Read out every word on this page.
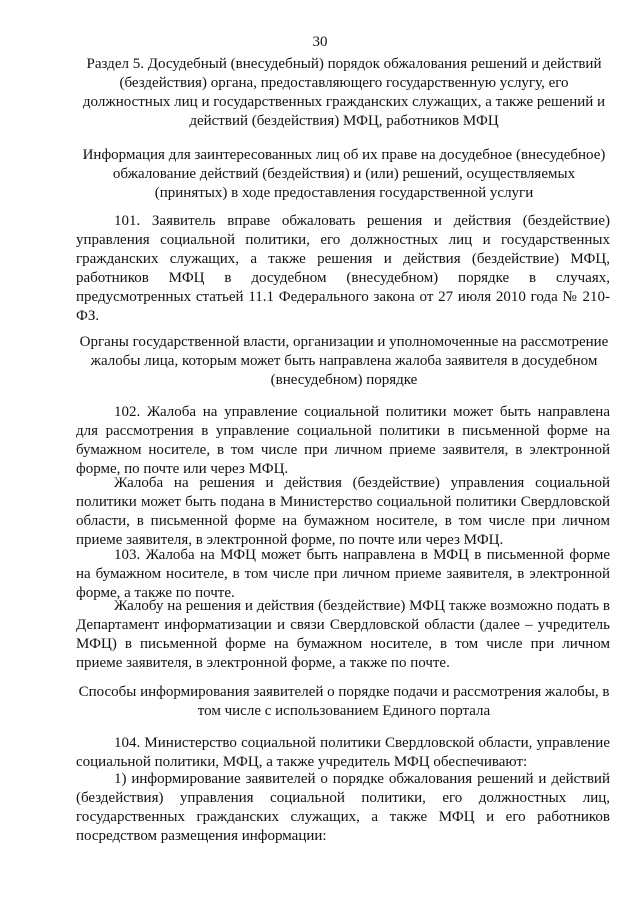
30
Раздел 5. Досудебный (внесудебный) порядок обжалования решений и действий (бездействия) органа, предоставляющего государственную услугу, его должностных лиц и государственных гражданских служащих, а также решений и действий (бездействия) МФЦ, работников МФЦ
Информация для заинтересованных лиц об их праве на досудебное (внесудебное) обжалование действий (бездействия) и (или) решений, осуществляемых (принятых) в ходе предоставления государственной услуги
101. Заявитель вправе обжаловать решения и действия (бездействие) управления социальной политики, его должностных лиц и государственных гражданских служащих, а также решения и действия (бездействие) МФЦ, работников МФЦ в досудебном (внесудебном) порядке в случаях, предусмотренных статьей 11.1 Федерального закона от 27 июля 2010 года № 210-ФЗ.
Органы государственной власти, организации и уполномоченные на рассмотрение жалобы лица, которым может быть направлена жалоба заявителя в досудебном (внесудебном) порядке
102. Жалоба на управление социальной политики может быть направлена для рассмотрения в управление социальной политики в письменной форме на бумажном носителе, в том числе при личном приеме заявителя, в электронной форме, по почте или через МФЦ.
Жалоба на решения и действия (бездействие) управления социальной политики может быть подана в Министерство социальной политики Свердловской области, в письменной форме на бумажном носителе, в том числе при личном приеме заявителя, в электронной форме, по почте или через МФЦ.
103. Жалоба на МФЦ может быть направлена в МФЦ в письменной форме на бумажном носителе, в том числе при личном приеме заявителя, в электронной форме, а также по почте.
Жалобу на решения и действия (бездействие) МФЦ также возможно подать в Департамент информатизации и связи Свердловской области (далее – учредитель МФЦ) в письменной форме на бумажном носителе, в том числе при личном приеме заявителя, в электронной форме, а также по почте.
Способы информирования заявителей о порядке подачи и рассмотрения жалобы, в том числе с использованием Единого портала
104. Министерство социальной политики Свердловской области, управление социальной политики, МФЦ, а также учредитель МФЦ обеспечивают:
1) информирование заявителей о порядке обжалования решений и действий (бездействия) управления социальной политики, его должностных лиц, государственных гражданских служащих, а также МФЦ и его работников посредством размещения информации:
